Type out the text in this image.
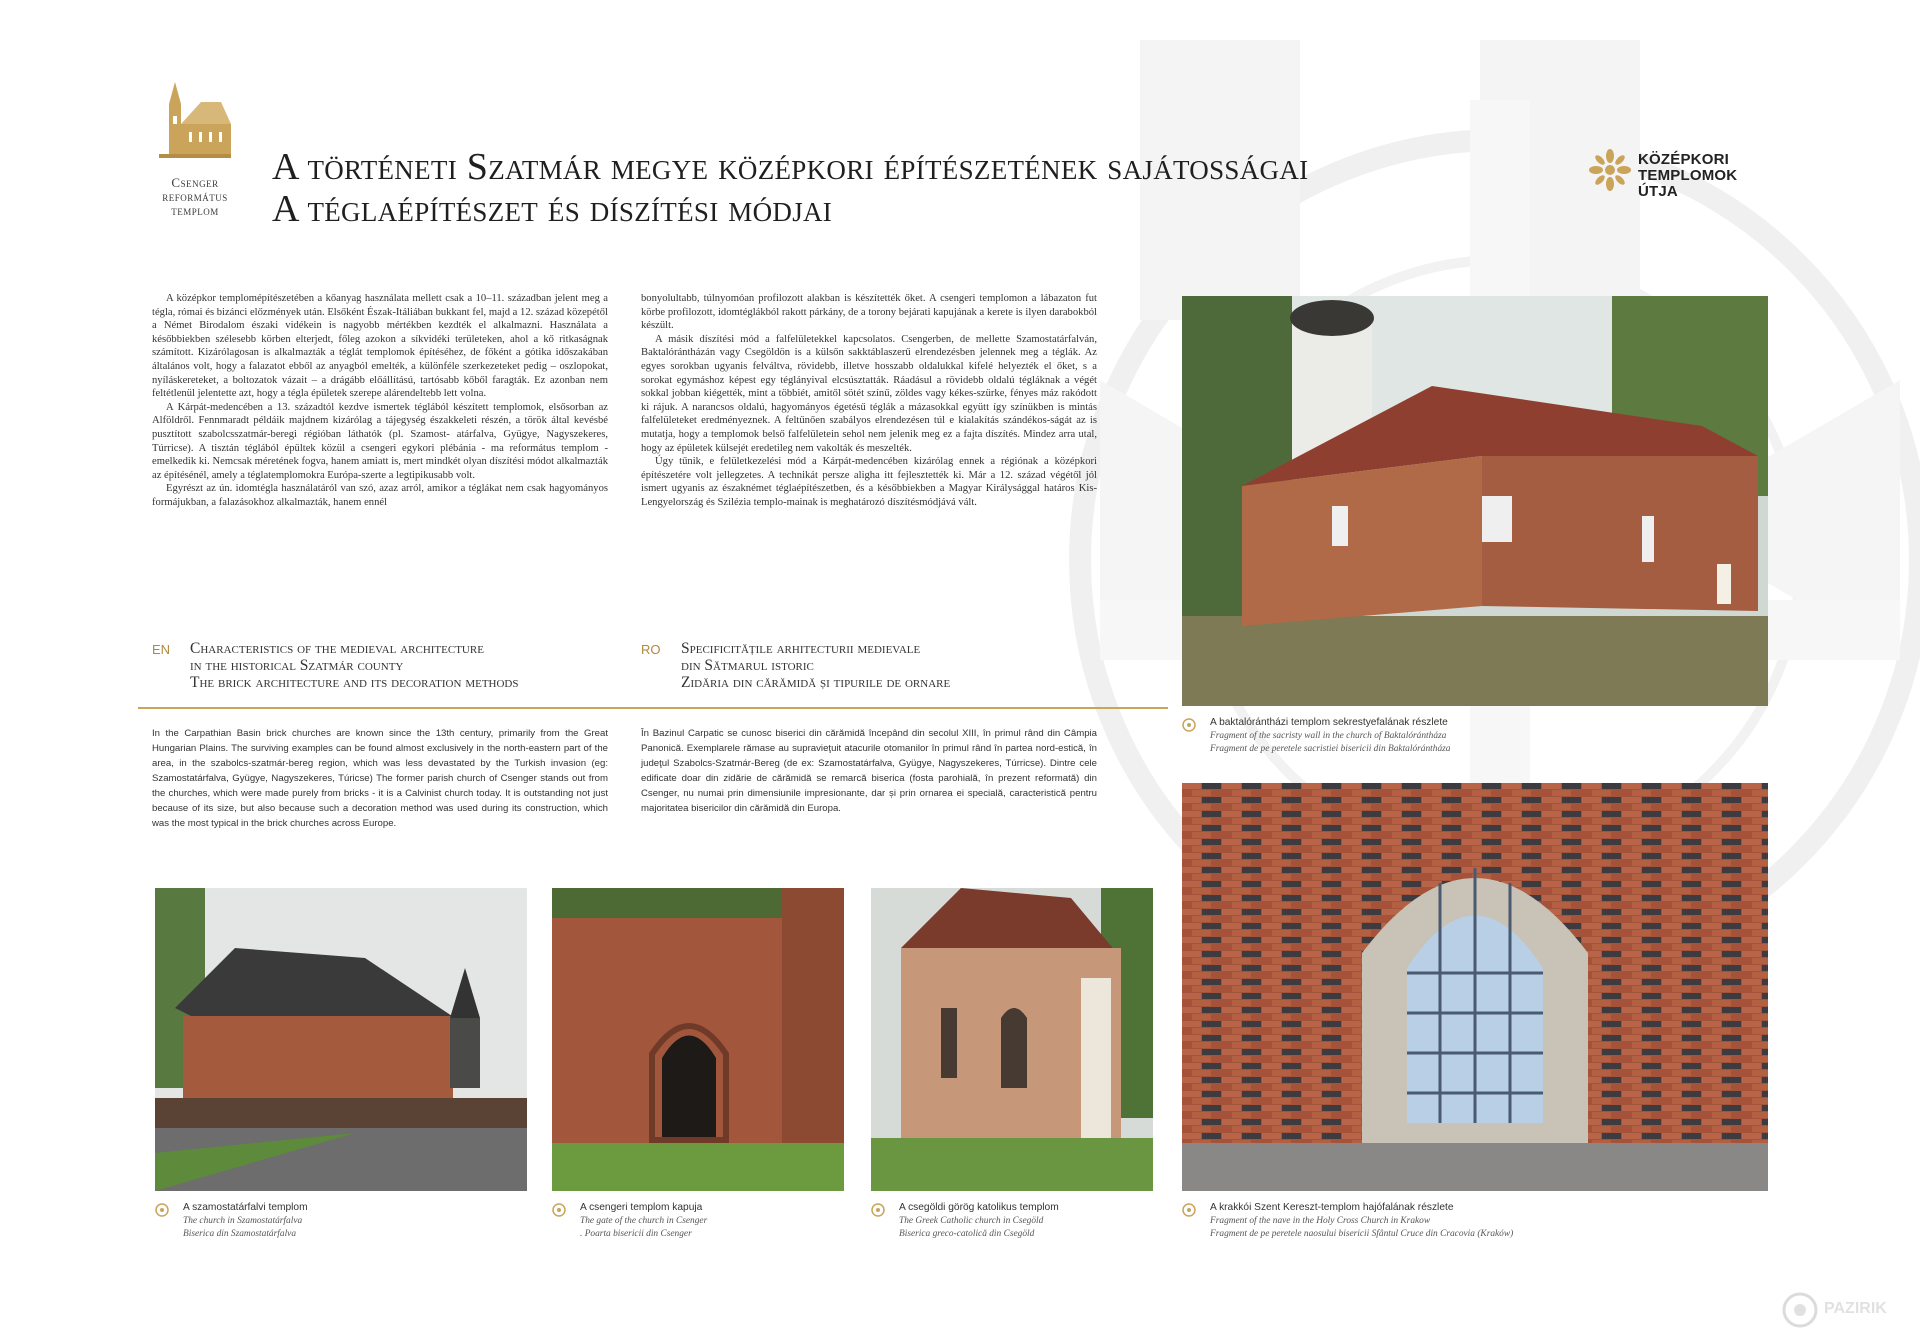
Csenger
református
templom
A történeti Szatmár megye középkori építészetének sajátosságai
A téglaépítészet és díszítési módjai
KÖZÉPKORI
TEMPLOMOK ÚTJA

A középkor templomépítészetében a kőanyag használata mellett csak a 10–11. században jelent meg a tégla, római és bizánci előzmények után. Elsőként Észak-Itáliában bukkant fel, majd a 12. század közepétől a Német Birodalom északi vidékein is nagyobb mértékben kezdték el alkalmazni. Használata a későbbiekben szélesebb körben elterjedt, főleg azokon a síkvidéki területeken, ahol a kő ritkaságnak számított. Kizárólagosan is alkalmazták a téglát templomok építéséhez, de főként a gótika időszakában általános volt, hogy a falazatot ebből az anyagból emelték, a különféle szerkezeteket pedig – oszlopokat, nyíláskereteket, a boltozatok vázait – a drágább előállítású, tartósabb kőből faragták. Ez azonban nem feltétlenül jelentette azt, hogy a tégla épületek szerepe alárendeltebb lett volna.

A Kárpát-medencében a 13. századtól kezdve ismertek téglából készített templomok, elsősorban az Alföldről. Fennmaradt példáik majdnem kizárólag a tájegység északkeleti részén, a török által kevésbé pusztított szabolcsszatmár-beregi régióban láthatók (pl. Szamost- atárfalva, Gyügye, Nagyszekeres, Túrricse). A tisztán téglából épültek közül a csengeri egykori plébánia - ma református templom - emelkedik ki. Nemcsak méretének fogva, hanem amiatt is, mert mindkét olyan díszítési módot alkalmazták az építésénél, amely a téglatemplomokra Európa-szerte a legtipikusabb volt.

Egyrészt az ún. idomtégla használatáról van szó, azaz arról, amikor a téglákat nem csak hagyományos formájukban, a falazásokhoz alkalmazták, hanem ennél

bonyolultabb, túlnyomóan profilozott alakban is készítették őket. A csengeri templomon a lábazaton fut körbe profilozott, idomtéglákból rakott párkány, de a torony bejárati kapujának a kerete is ilyen darabokból készült.

A másik díszítési mód a falfelületekkel kapcsolatos. Csengerben, de mellette Szamostatárfalván, Baktalórántházán vagy Csegöldön is a külsőn sakktáblaszerű elrendezésben jelennek meg a téglák. Az egyes sorokban ugyanis felváltva, rövidebb, illetve hosszabb oldalukkal kifelé helyezték el őket, s a sorokat egymáshoz képest egy téglányival elcsúsztatták. Ráadásul a rövidebb oldalú tégláknak a végét sokkal jobban kiégették, mint a többiét, amitől sötét színű, zöldes vagy kékes-szürke, fényes máz rakódott ki rájuk. A narancsos oldalú, hagyományos égetésű téglák a mázasokkal együtt így színükben is mintás falfelületeket eredményeznek. A feltűnően szabályos elrendezésen túl e kialakítás szándékos-ságát az is mutatja, hogy a templomok belső falfelületein sehol nem jelenik meg ez a fajta díszítés. Mindez arra utal, hogy az épületek külsejét eredetileg nem vakolták és meszelték.

Úgy tűnik, e felületkezelési mód a Kárpát-medencében kizárólag ennek a régiónak a középkori építészetére volt jellegzetes. A technikát persze aligha itt fejlesztették ki. Már a 12. század végétől jól ismert ugyanis az északnémet téglaépítészetben, és a későbbiekben a Magyar Királysággal határos Kis-Lengyelország és Szilézia templo-mainak is meghatározó díszítésmódjává vált.

EN Characteristics of the medieval architecture
in the historical Szatmár county
The brick architecture and its decoration methods
RO Specificitățile arhitecturii medievale
din Sătmarul istoric
Zidăria din cărămidă și tipurile de ornare
In the Carpathian Basin brick churches are known since the 13th century, primarily from the Great Hungarian Plains. The surviving examples can be found almost exclusively in the north-eastern part of the area, in the szabolcs-szatmár-bereg region, which was less devastated by the Turkish invasion (eg: Szamostatárfalva, Gyügye, Nagyszekeres, Túricse) The former parish church of Csenger stands out from the churches, which were made purely from bricks - it is a Calvinist church today. It is outstanding not just because of its size, but also because such a decoration method was used during its construction, which was the most typical in the brick churches across Europe.
În Bazinul Carpatic se cunosc biserici din cărămidă începând din secolul XIII, în primul rând din Câmpia Panonică. Exemplarele rămase au supravieţuit atacurile otomanilor în primul rând în partea nord-estică, în judeţul Szabolcs-Szatmár-Bereg (de ex: Szamostatárfalva, Gyügye, Nagyszekeres, Túrricse). Dintre cele edificate doar din zidărie de cărămidă se remarcă biserica (fosta parohială, în prezent reformată) din Csenger, nu numai prin dimensiunile impresionante, dar și prin ornarea ei specială, caracteristică pentru majoritatea bisericilor din cărămidă din Europa.
A baktalórántházi templom sekrestyefalának részlete
Fragment of the sacristy wall in the church of Baktalórántháza
Fragment de pe peretele sacristiei bisericii din Baktalórántháza
A krakkói Szent Kereszt-templom hajófalának részlete
Fragment of the nave in the Holy Cross Church in Krakow
Fragment de pe peretele naosului bisericii Sfântul Cruce din Cracovia (Kraków)
A szamostatárfalvi templom
The church in Szamostatárfalva
Biserica din Szamostatárfalva
A csengeri templom kapuja
The gate of the church in Csenger
. Poarta bisericii din Csenger
A csegöldi görög katolikus templom
The Greek Catholic church in Csegöld
Biserica greco-catolică din Csegöld
PAZIRIK
